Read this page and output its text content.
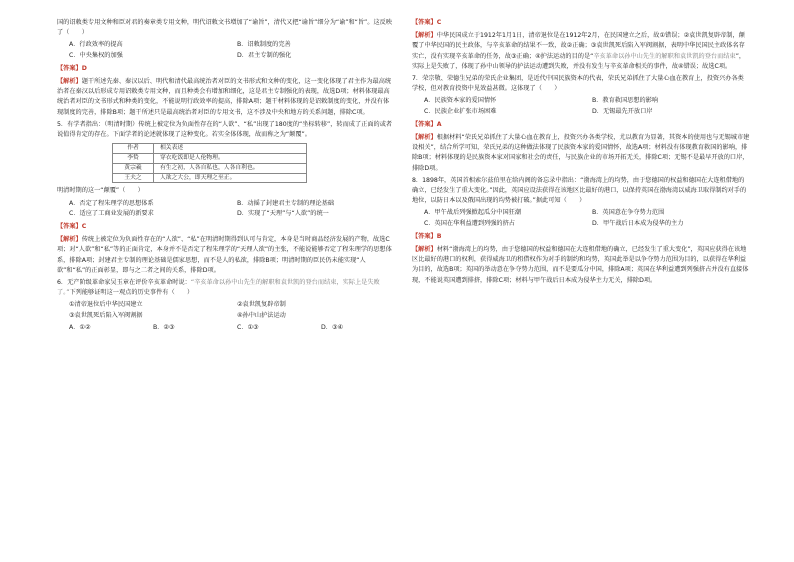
国的诏敕类专用文种和臣对君的奏章类专用文种，明代诏敕文书增加了“谕旨”，清代又把“谕旨”细分为“谕”和“旨”。这反映了（　　）

A．行政效率的提高	B．诏敕制度的完善
C．中央集权的加强	D．君主专制的强化
【答案】D

【解析】题干所述先秦、秦汉以后、明代和清代最高统治者对臣的文书形式和文种的变化，这一变化体现了君主作为最高统治者在秦汉以后形成专用诏敕类专用文种，而且种类会有增加和细化，这是君主专制强化的表现，故选D项；材料体现最高统治者对臣的文书形式和种类的变化，不能说明行政效率的提高，排除A项；题干材料体现的是诏敕制度的变化，并没有体现制度的完善，排除B项；题干所述只是最高统治者对臣的专用文书，这不涉及中央和地方的关系问题，排除C项。

5．有学者指出：（明清时期）传统上被定位为负面性存在的“人欲”、“私”出现了180度的“坐标转移”，转而成了正面的或者说值得肯定的存在。下面学者的论述就体现了这种变化。若实全体体现，故而称之为“颠覆”。

作者	相关表述
李贽	穿衣吃饭即是人伦物理。
黄宗羲	有生之初，人各自私也，人各自利也。
王夫之	人欲之大公，即天理之至正。

明清时期的这一“颠覆”（　　）

A．否定了程朱理学的思想体系	B．动摇了封建君主专制的理论基础
C．适应了工商业发展的新要求	D．实现了“天理”与“人欲”的统一
【答案】C

【解析】传统上被定位为负面性存在的“人欲”、“私”在明清时期得到认可与肯定，本身是当时商品经济发展的产物，故选C项；对“人欲”和“私”等的正面肯定，本身并不是否定了程朱理学的“天理人欲”的主张，不能说能够否定了程朱理学的思想体系，排除A项；封建君主专制的理论基础是儒家思想，而不是人的私欲，排除B项；明清时期的臣民仍未能实现“人欲”和“私”的正面彰显，即与之二者之间的关系，排除D项。

6．无产阶级革命家吴玉章在评价辛亥革命时说：“辛亥革命以孙中山先生的解职和袁世凯的登台而结束，实际上是失败了。”下列能够证明这一观点的历史事件有（　　）

①清帝退位后中华民国建立	②袁世凯复辟帝制
③袁世凯死后陷入军阀割据	④孙中山护法运动
A．①②	B．②③	C．①③	D．③④
【答案】C

【解析】中华民国成立于1912年1月1日，清帝退位是在1912年2月，在民国建立之后，故①错误；②袁世凯复辟帝制，颠覆了中华民国的民主政体，与辛亥革命的结果不一致，故②正确；③袁世凯死后陷入军阀割据，表明中华民国民主政体名存实亡，没有实现辛亥革命的任务，故③正确；④护法运动的目的是“辛亥革命以孙中山先生的解职和袁世凯的登台而结束”，实际上是失败了，体现了孙中山领导的护法运动遭到失败，并没有发生与辛亥革命相关的事件，故④错误；故选C项。

7．荣宗敬、荣德生兄弟的荣氏企业集团，是近代中国民族资本的代表，荣氏兄弟抓住了大量心血在教育上，投资兴办各类学校，但对教育投资中见效益甚微。这体现了（　　）

A．民族资本家的爱国情怀	B．教育救国思想的影响
C．民族企业扩张市场困难	D．无锡最先开放口岸
【答案】A

【解析】根据材料“荣氏兄弟抓住了大量心血在教育上，投资兴办各类学校，尤以教育为显著，其资本的使用也与无锡城市建设相关”，结合所学可知，荣氏兄弟的这种做法体现了民族资本家的爱国情怀，故选A项；材料没有体现教育救国的影响，排除B项；材料体现的是民族资本家对国家和社会的责任，与民族企业的市场开拓无关，排除C项；无锡不是最早开放的口岸，排除D项。

8．1898年，英国首相索尔兹伯里在给内阁的备忘录中指出：“渤海湾上的均势，由于您德国的权益和德国在大连租借地的确立，已经发生了重大变化。”因此，英国应设法获得在该地区比最好的港口，以保持英国在渤海湾以威海卫取得制约对手的地位，以防日本以及俄国出现的均势被打破。”据此可知（　　）

A．甲午战后列强掀起瓜分中国狂潮	B．英国意在争夺势力范围
C．英国在华利益遭到列强的挤占	D．甲午战后日本成为侵华的主力
【答案】B

【解析】材料“渤海湾上的均势，由于您德国的权益和德国在大连租借地的确立，已经发生了重大变化”，英国应获得在该地区比最好的港口的权利，获得威海卫的租借权作为对手的制约和均势，英国此举是以争夺势力范围为目的，以获得在华利益为目的，故选B项；英国的举动意在争夺势力范围，而不是要瓜分中国，排除A项；英国在华利益遭到列强挤占并没有直接体现，不能说英国遭到排挤，排除C项；材料与甲午战后日本成为侵华主力无关，排除D项。
